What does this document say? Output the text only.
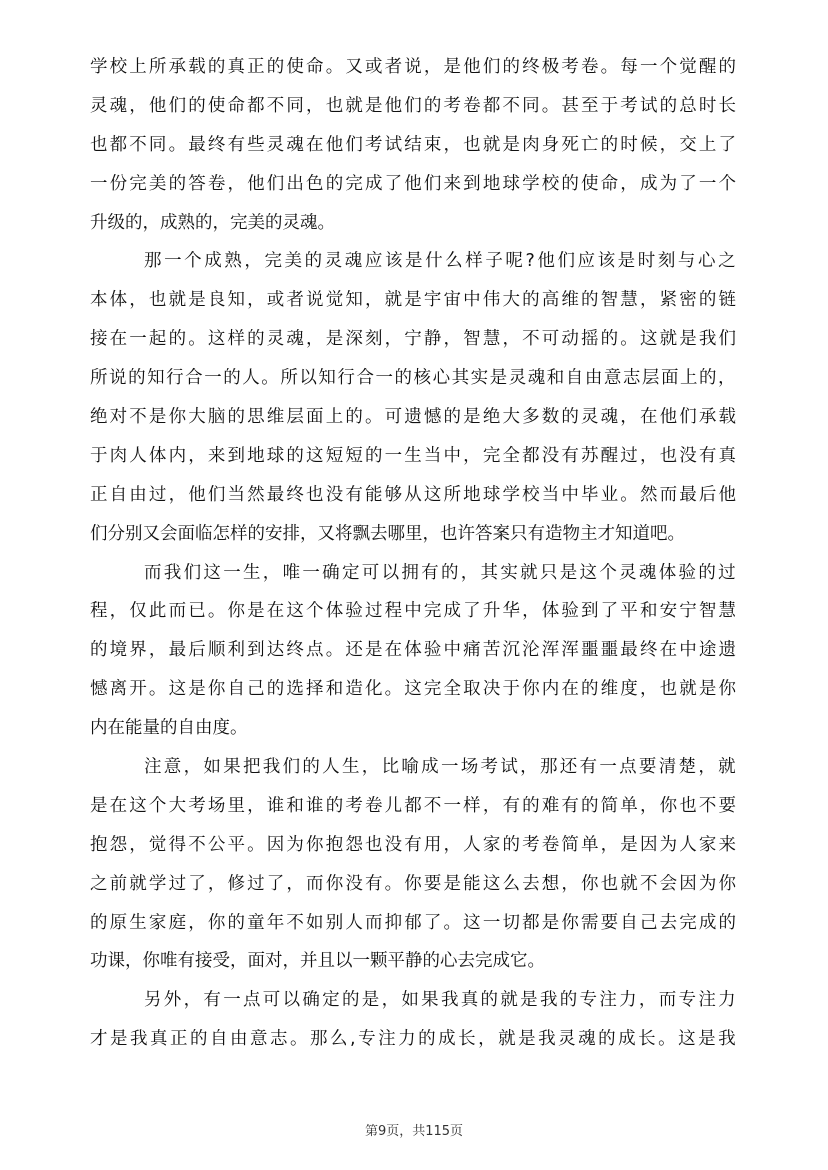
学 校 上 所 承 载 的 真 正 的 使 命 。 又 或 者 说 ， 是 他 们 的 终 极 考 卷 。 每 一 个 觉 醒 的
灵 魂 ， 他 们 的 使 命 都 不 同 ， 也 就 是 他 们 的 考 卷 都 不 同 。 甚 至 于 考 试 的 总 时 长
也 都 不 同 。 最 终 有 些 灵 魂 在 他 们 考 试 结 束 ， 也 就 是 肉 身 死 亡 的 时 候 ， 交 上 了
一 份 完 美 的 答 卷 ， 他 们 出 色 的 完 成 了 他 们 来 到 地 球 学 校 的 使 命 ， 成 为 了 一 个
升级的，成熟的，完美的灵魂。
那 一 个 成 熟 ， 完 美 的 灵 魂 应 该 是 什 么 样 子 呢 ? 他 们 应 该 是 时 刻 与 心 之
本 体 ， 也 就 是 良 知 ， 或 者 说 觉 知 ， 就 是 宇 宙 中 伟 大 的 高 维 的 智 慧 ， 紧 密 的 链
接 在 一 起 的 。 这 样 的 灵 魂 ， 是 深 刻 ， 宁 静 ， 智 慧 ， 不 可 动 摇 的 。 这 就 是 我 们
所 说 的 知 行 合 一 的 人 。 所 以 知 行 合 一 的 核 心 其 实 是 灵 魂 和 自 由 意 志 层 面 上 的 ，
绝 对 不 是 你 大 脑 的 思 维 层 面 上 的 。 可 遗 憾 的 是 绝 大 多 数 的 灵 魂 ， 在 他 们 承 载
于 肉 人 体 内 ， 来 到 地 球 的 这 短 短 的 一 生 当 中 ， 完 全 都 没 有 苏 醒 过 ， 也 没 有 真
正 自 由 过 ， 他 们 当 然 最 终 也 没 有 能 够 从 这 所 地 球 学 校 当 中 毕 业 。 然 而 最 后 他
们分别又会面临怎样的安排，又将飘去哪里，也许答案只有造物主才知道吧。
而 我 们 这 一 生 ， 唯 一 确 定 可 以 拥 有 的 ， 其 实 就 只 是 这 个 灵 魂 体 验 的 过
程 ， 仅 此 而 已 。 你 是 在 这 个 体 验 过 程 中 完 成 了 升 华 ， 体 验 到 了 平 和 安 宁 智 慧
的 境 界 ， 最 后 顺 利 到 达 终 点 。 还 是 在 体 验 中 痛 苦 沉 沦 浑 浑 噩 噩 最 终 在 中 途 遗
憾 离 开 。 这 是 你 自 己 的 选 择 和 造 化 。 这 完 全 取 决 于 你 内 在 的 维 度 ， 也 就 是 你
内在能量的自由度。
注 意 ， 如 果 把 我 们 的 人 生 ， 比 喻 成 一 场 考 试 ， 那 还 有 一 点 要 清 楚 ， 就
是 在 这 个 大 考 场 里 ， 谁 和 谁 的 考 卷 儿 都 不 一 样 ， 有 的 难 有 的 简 单 ， 你 也 不 要
抱 怨 ， 觉 得 不 公 平 。 因 为 你 抱 怨 也 没 有 用 ， 人 家 的 考 卷 简 单 ， 是 因 为 人 家 来
之 前 就 学 过 了 ， 修 过 了 ， 而 你 没 有 。 你 要 是 能 这 么 去 想 ， 你 也 就 不 会 因 为 你
的 原 生 家 庭 ， 你 的 童 年 不 如 别 人 而 抑 郁 了 。 这 一 切 都 是 你 需 要 自 己 去 完 成 的
功课，你唯有接受，面对，并且以一颗平静的心去完成它。
另 外 ， 有 一 点 可 以 确 定 的 是 ， 如 果 我 真 的 就 是 我 的 专 注 力 ， 而 专 注 力
才 是 我 真 正 的 自 由 意 志 。 那 么 , 专 注 力 的 成 长 ， 就 是 我 灵 魂 的 成 长 。 这 是 我
第9页，共115页
